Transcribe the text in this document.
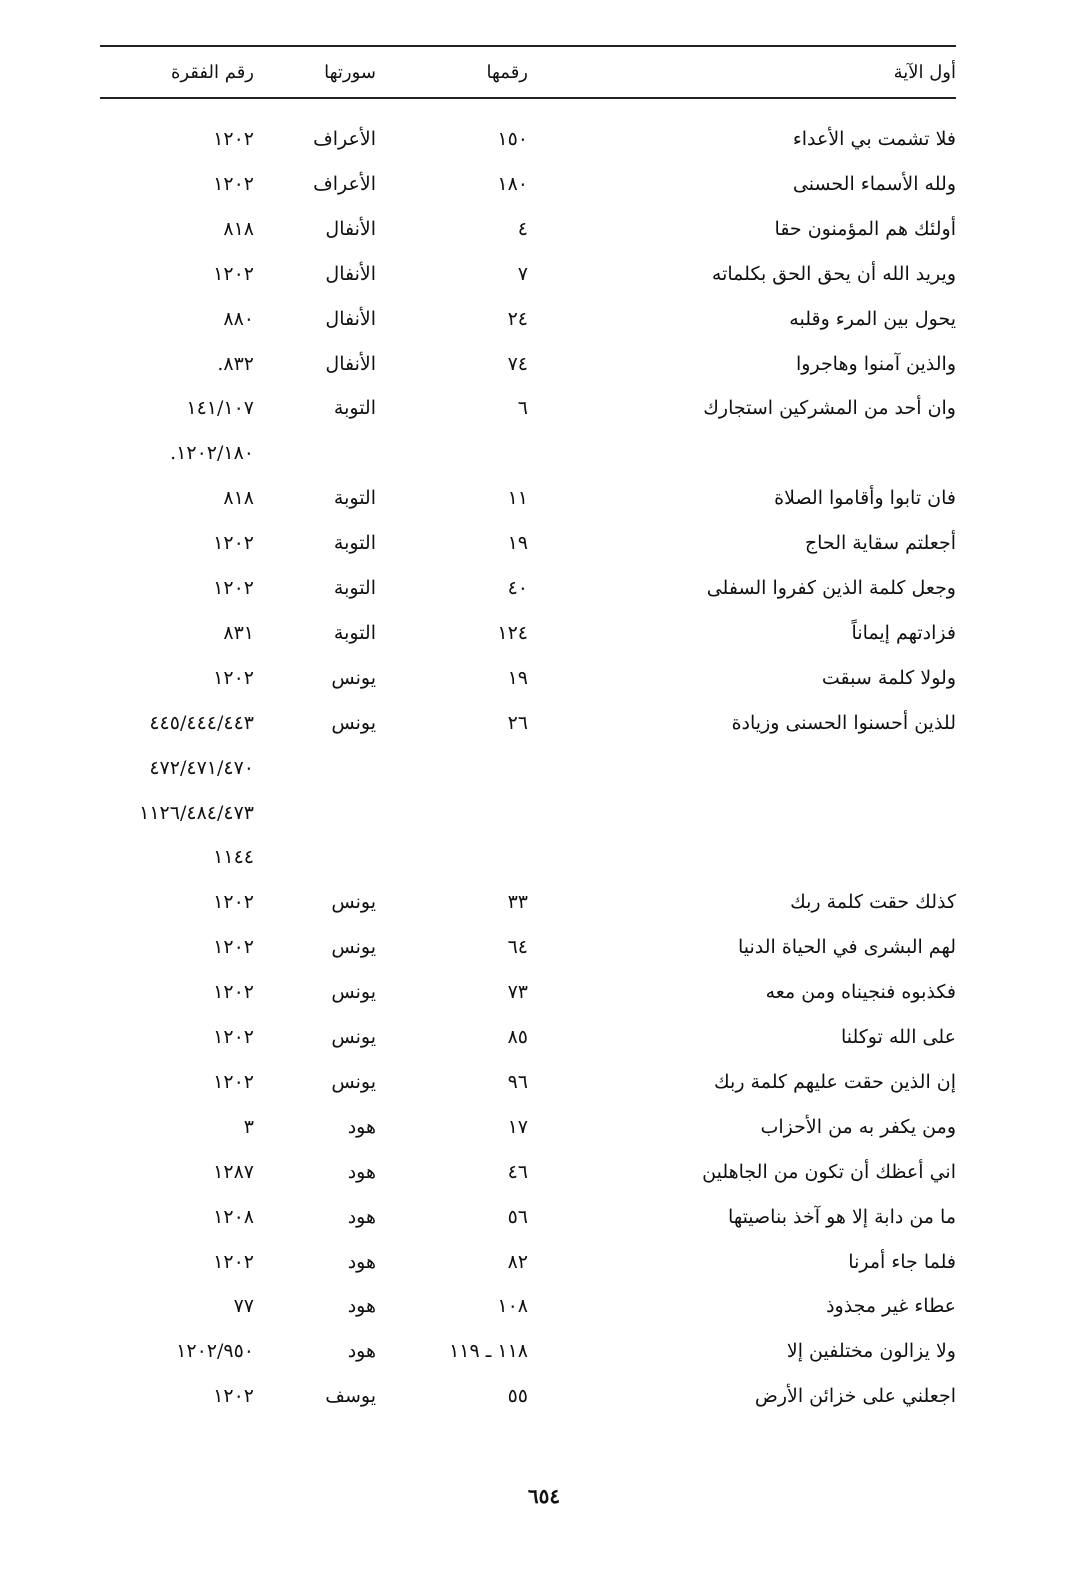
أول الآية
رقمها
سورتها
رقم الفقرة
فلا تشمت بي الأعداء
١٥٠
الأعراف
١٢٠٢
ولله الأسماء الحسنى
١٨٠
الأعراف
١٢٠٢
أولئك هم المؤمنون حقا
٤
الأنفال
٨١٨
ويريد الله أن يحق الحق بكلماته
٧
الأنفال
١٢٠٢
يحول بين المرء وقلبه
٢٤
الأنفال
٨٨٠
والذين آمنوا وهاجروا
٧٤
الأنفال
٨٣٢.
وان أحد من المشركين استجارك
٦
التوبة
١٤١/١٠٧
١٢٠٢/١٨٠.
فان تابوا وأقاموا الصلاة
١١
التوبة
٨١٨
أجعلتم سقاية الحاج
١٩
التوبة
١٢٠٢
وجعل كلمة الذين كفروا السفلى
٤٠
التوبة
١٢٠٢
فزادتهم إيماناً
١٢٤
التوبة
٨٣١
ولولا كلمة سبقت
١٩
يونس
١٢٠٢
للذين أحسنوا الحسنى وزيادة
٢٦
يونس
٤٤٥/٤٤٤/٤٤٣
٤٧٢/٤٧١/٤٧٠
١١٢٦/٤٨٤/٤٧٣
١١٤٤
كذلك حقت كلمة ربك
٣٣
يونس
١٢٠٢
لهم البشرى في الحياة الدنيا
٦٤
يونس
١٢٠٢
فكذبوه فنجيناه ومن معه
٧٣
يونس
١٢٠٢
على الله توكلنا
٨٥
يونس
١٢٠٢
إن الذين حقت عليهم كلمة ربك
٩٦
يونس
١٢٠٢
ومن يكفر به من الأحزاب
١٧
هود
٣
اني أعظك أن تكون من الجاهلين
٤٦
هود
١٢٨٧
ما من دابة إلا هو آخذ بناصيتها
٥٦
هود
١٢٠٨
فلما جاء أمرنا
٨٢
هود
١٢٠٢
عطاء غير مجذوذ
١٠٨
هود
٧٧
ولا يزالون مختلفين إلا
١١٨ ـ ١١٩
هود
١٢٠٢/٩٥٠
اجعلني على خزائن الأرض
٥٥
يوسف
١٢٠٢
٦٥٤
